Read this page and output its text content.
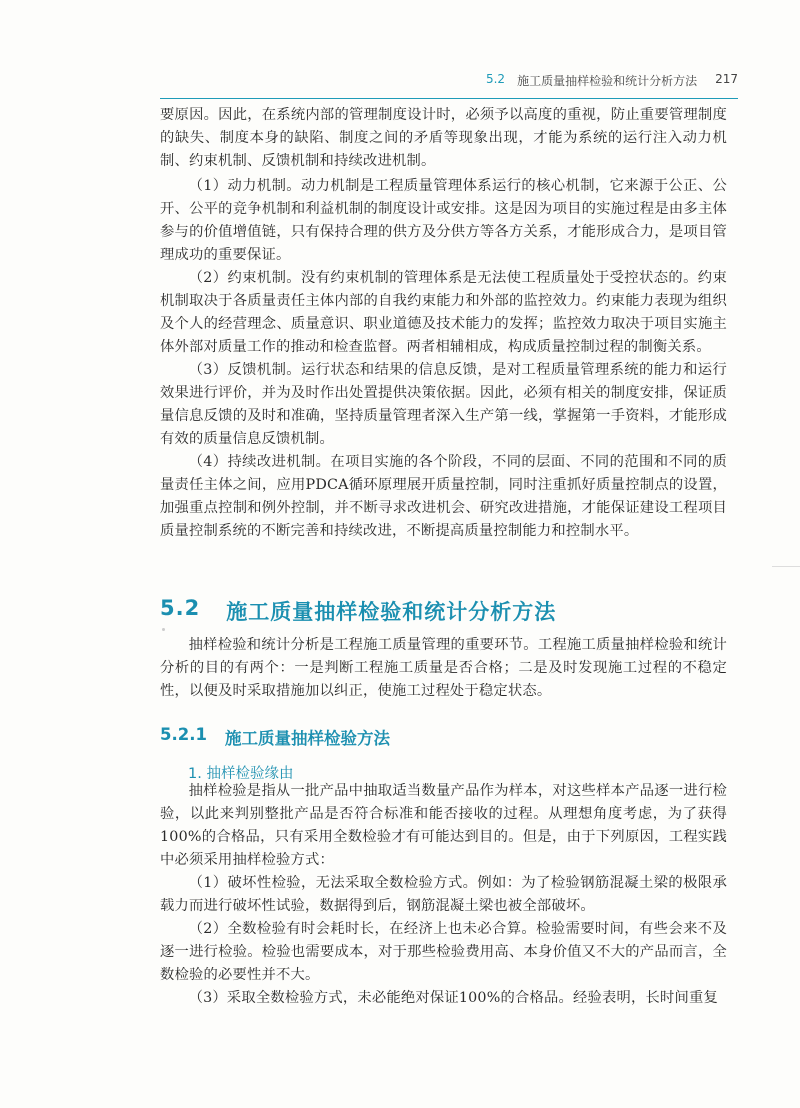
5.2 施工质量抽样检验和统计分析方法 217

要原因。因此，在系统内部的管理制度设计时，必须予以高度的重视，防止重要管理制度的缺失、制度本身的缺陷、制度之间的矛盾等现象出现，才能为系统的运行注入动力机制、约束机制、反馈机制和持续改进机制。

（1）动力机制。动力机制是工程质量管理体系运行的核心机制，它来源于公正、公开、公平的竞争机制和利益机制的制度设计或安排。这是因为项目的实施过程是由多主体参与的价值增值链，只有保持合理的供方及分供方等各方关系，才能形成合力，是项目管理成功的重要保证。

（2）约束机制。没有约束机制的管理体系是无法使工程质量处于受控状态的。约束机制取决于各质量责任主体内部的自我约束能力和外部的监控效力。约束能力表现为组织及个人的经营理念、质量意识、职业道德及技术能力的发挥；监控效力取决于项目实施主体外部对质量工作的推动和检查监督。两者相辅相成，构成质量控制过程的制衡关系。

（3）反馈机制。运行状态和结果的信息反馈，是对工程质量管理系统的能力和运行效果进行评价，并为及时作出处置提供决策依据。因此，必须有相关的制度安排，保证质量信息反馈的及时和准确，坚持质量管理者深入生产第一线，掌握第一手资料，才能形成有效的质量信息反馈机制。

（4）持续改进机制。在项目实施的各个阶段，不同的层面、不同的范围和不同的质量责任主体之间，应用PDCA循环原理展开质量控制，同时注重抓好质量控制点的设置，加强重点控制和例外控制，并不断寻求改进机会、研究改进措施，才能保证建设工程项目质量控制系统的不断完善和持续改进，不断提高质量控制能力和控制水平。

5.2 施工质量抽样检验和统计分析方法

抽样检验和统计分析是工程施工质量管理的重要环节。工程施工质量抽样检验和统计分析的目的有两个：一是判断工程施工质量是否合格；二是及时发现施工过程的不稳定性，以便及时采取措施加以纠正，使施工过程处于稳定状态。

5.2.1 施工质量抽样检验方法
1. 抽样检验缘由

抽样检验是指从一批产品中抽取适当数量产品作为样本，对这些样本产品逐一进行检验，以此来判别整批产品是否符合标准和能否接收的过程。从理想角度考虑，为了获得100%的合格品，只有采用全数检验才有可能达到目的。但是，由于下列原因，工程实践中必须采用抽样检验方式：

（1）破坏性检验，无法采取全数检验方式。例如：为了检验钢筋混凝土梁的极限承载力而进行破坏性试验，数据得到后，钢筋混凝土梁也被全部破坏。

（2）全数检验有时会耗时长，在经济上也未必合算。检验需要时间，有些会来不及逐一进行检验。检验也需要成本，对于那些检验费用高、本身价值又不大的产品而言，全数检验的必要性并不大。

（3）采取全数检验方式，未必能绝对保证100%的合格品。经验表明，长时间重复
